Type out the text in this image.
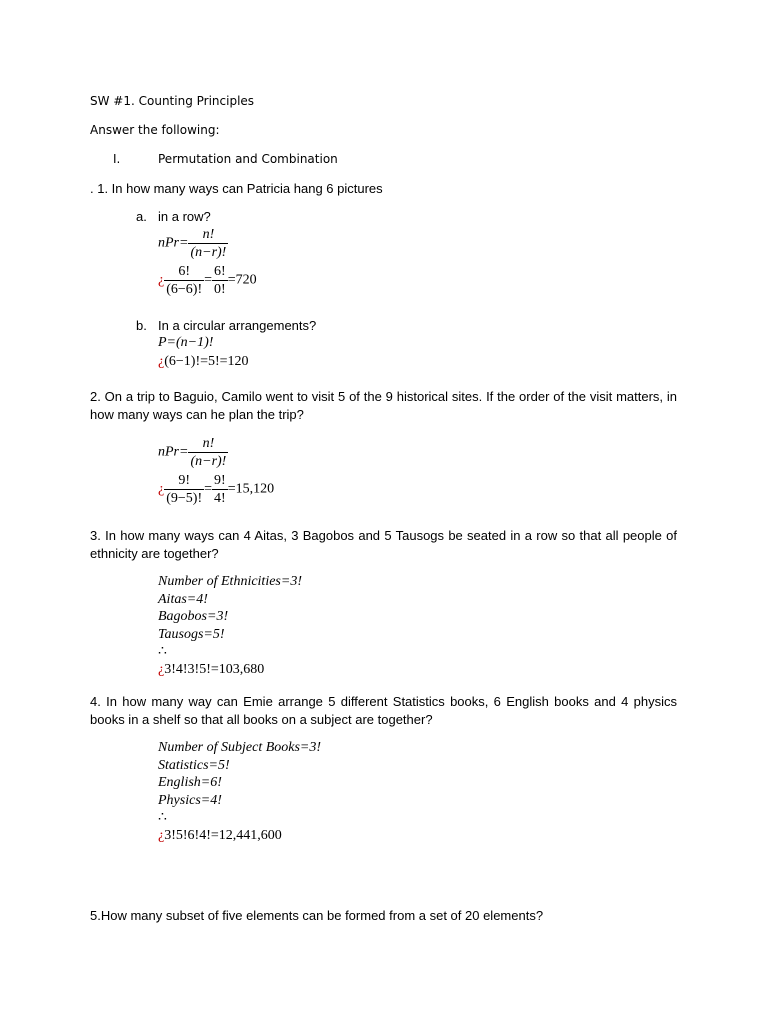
SW #1. Counting Principles
Answer the following:
I.	Permutation and Combination
. 1. In how many ways can Patricia hang 6 pictures
a. in a row?
$nPr= \frac{n!}{(n-r)!}$
¿ $\frac{6!}{(6-6)!} = \frac{6!}{0!} =720$
b. In a circular arrangements?
P=(n−1)!
¿(6−1)!=5!=120
2. On a trip to Baguio, Camilo went to visit 5 of the 9 historical sites. If the order of the visit matters, in how many ways can he plan the trip?
$nPr= \frac{n!}{(n-r)!}$
¿ $\frac{9!}{(9-5)!} = \frac{9!}{4!} =15,120$
3. In how many ways can 4 Aitas, 3 Bagobos and 5 Tausogs be seated in a row so that all people of ethnicity are together?
Number of Ethnicities=3!
Aitas=4!
Bagobos=3!
Tausogs=5!
∴
¿3!4!3!5!=103,680
4. In how many way can Emie arrange 5 different Statistics books, 6 English books and 4 physics books in a shelf so that all books on a subject are together?
Number of Subject Books=3!
Statistics=5!
English=6!
Physics=4!
∴
¿3!5!6!4!=12,441,600
5.How many subset of five elements can be formed from a set of 20 elements?
